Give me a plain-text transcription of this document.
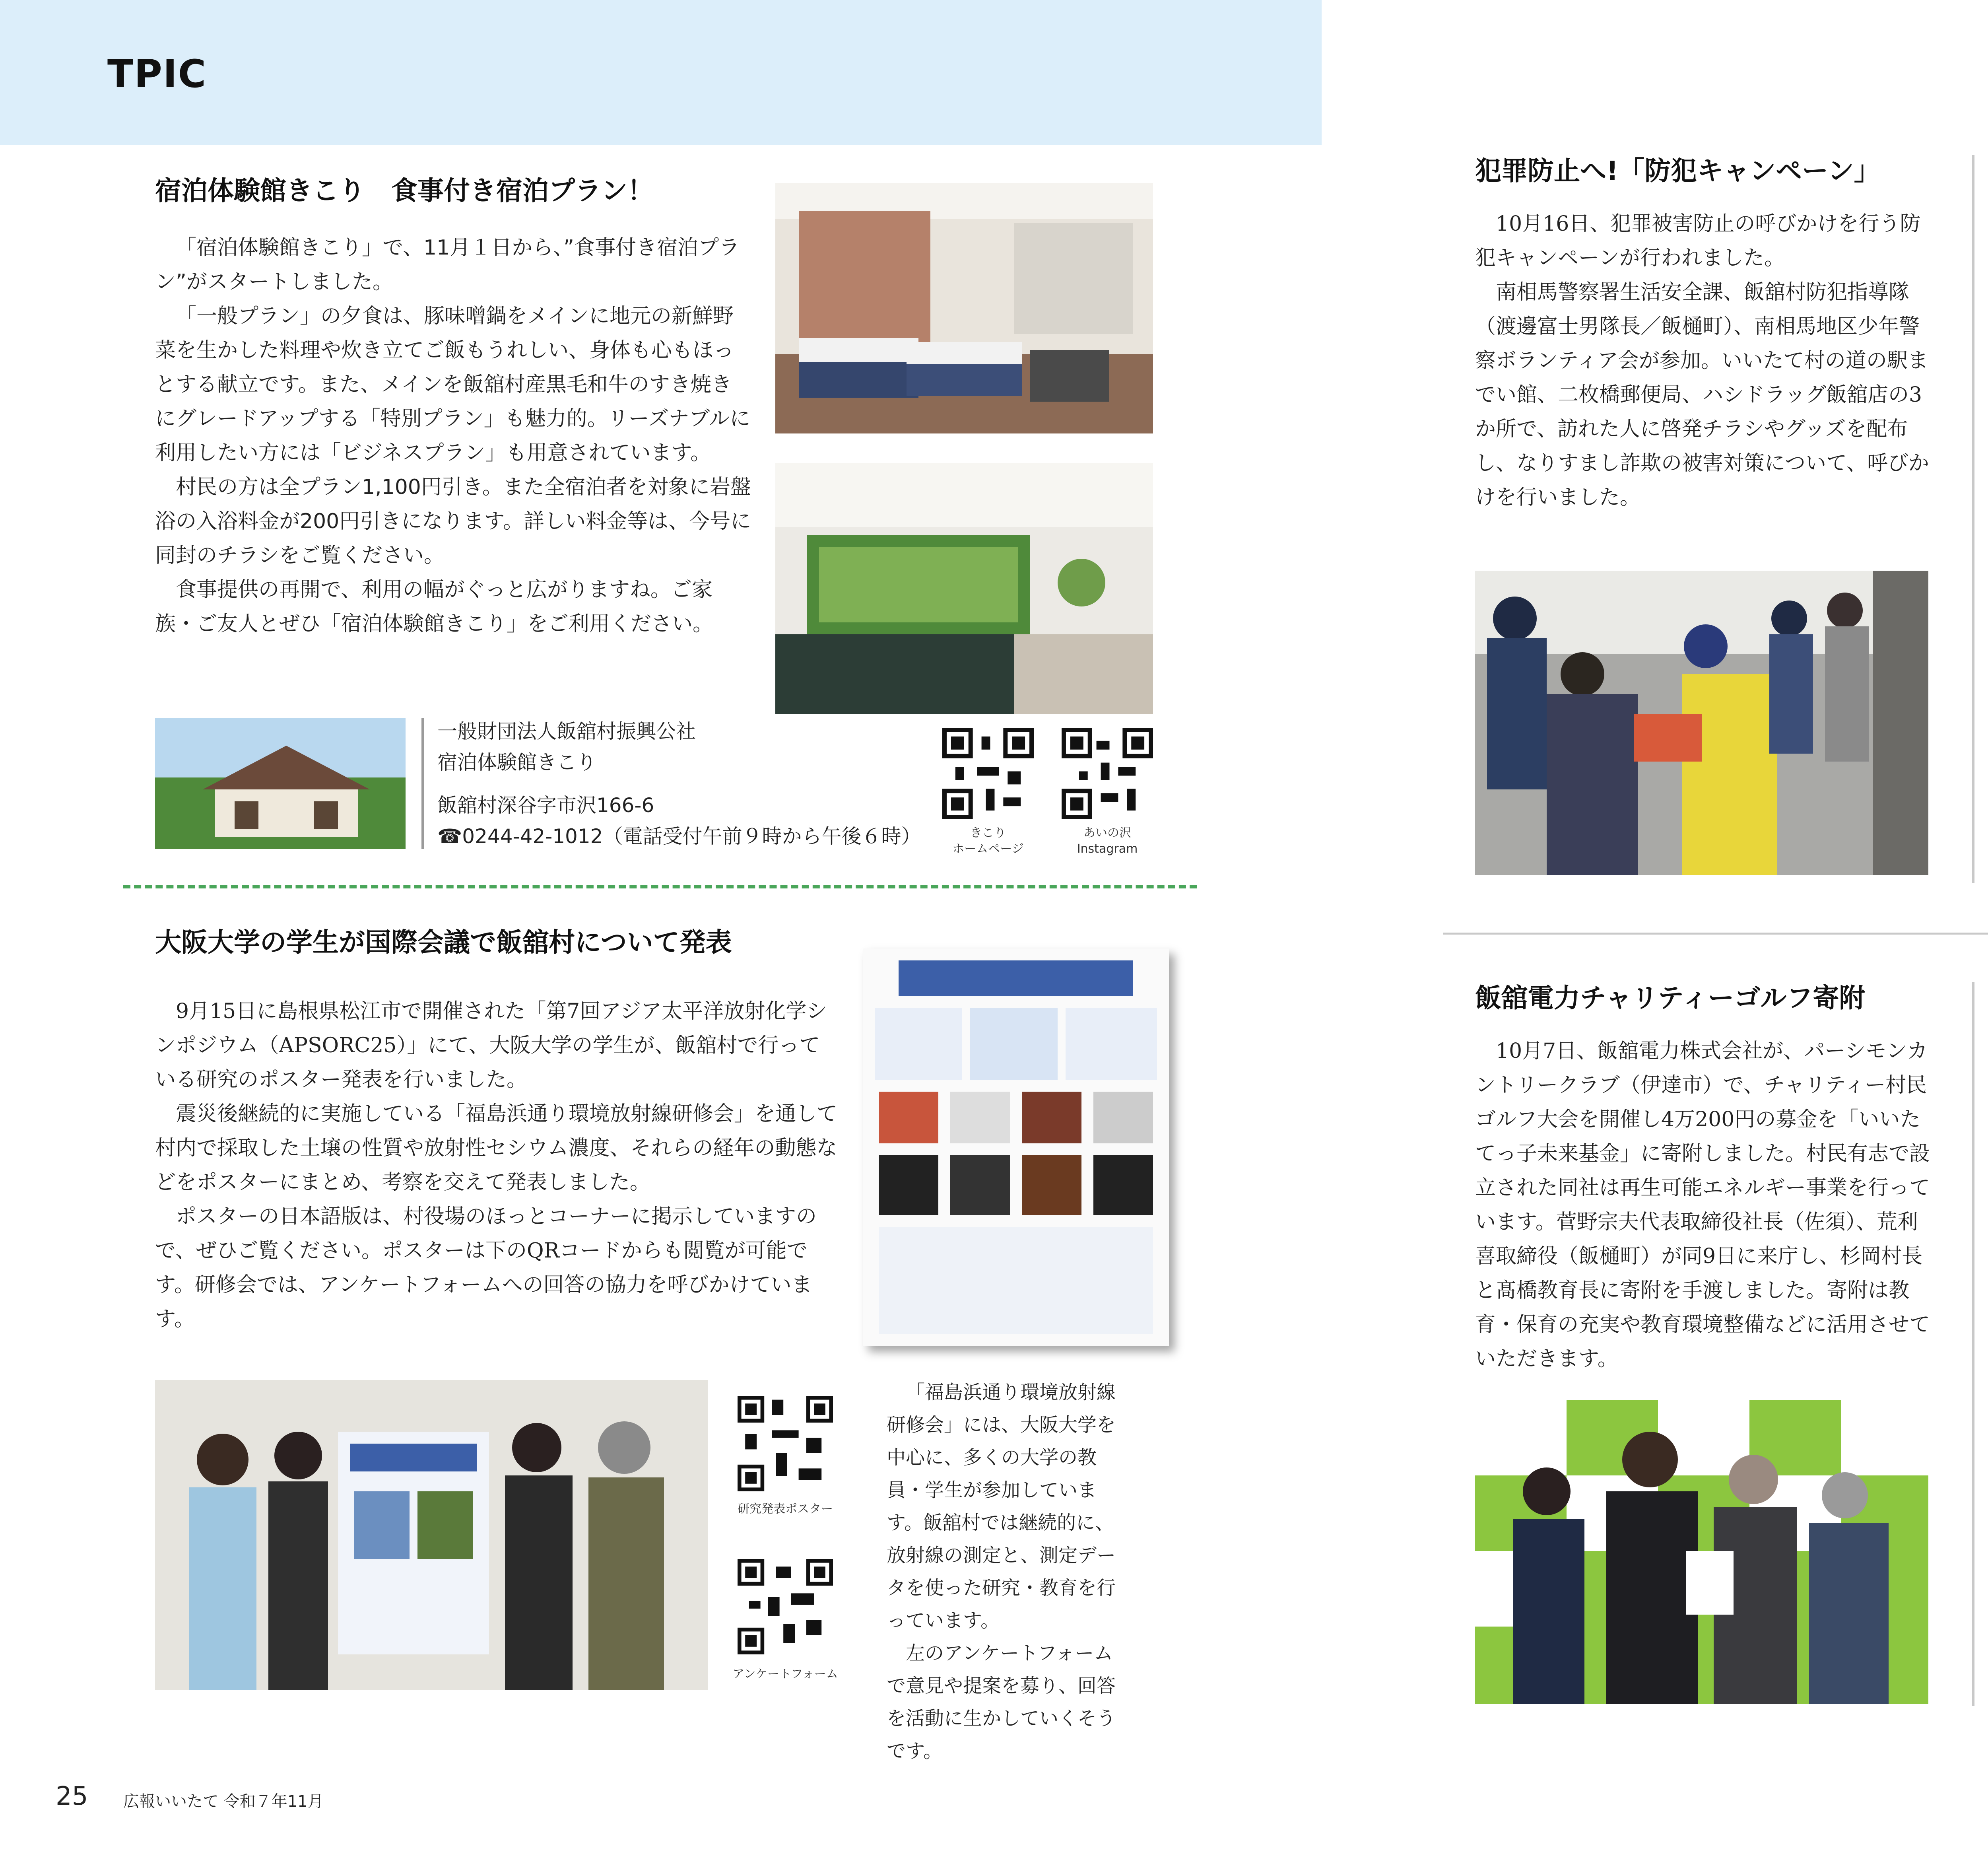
TPIC
宿泊体験館きこり　食事付き宿泊プラン！

「宿泊体験館きこり」で、11月１日から、”食事付き宿泊プラン”がスタートしました。

「一般プラン」の夕食は、豚味噌鍋をメインに地元の新鮮野菜を生かした料理や炊き立てご飯もうれしい、身体も心もほっとする献立です。また、メインを飯舘村産黒毛和牛のすき焼きにグレードアップする「特別プラン」も魅力的。リーズナブルに利用したい方には「ビジネスプラン」も用意されています。

村民の方は全プラン1,100円引き。また全宿泊者を対象に岩盤浴の入浴料金が200円引きになります。詳しい料金等は、今号に同封のチラシをご覧ください。

食事提供の再開で、利用の幅がぐっと広がりますね。ご家族・ご友人とぜひ「宿泊体験館きこり」をご利用ください。

一般財団法人飯舘村振興公社
宿泊体験館きこり
飯舘村深谷字市沢166-6
☎0244-42-1012（電話受付午前９時から午後６時）	きこり
ホームページ
あいの沢
Instagram
大阪大学の学生が国際会議で飯舘村について発表

9月15日に島根県松江市で開催された「第7回アジア太平洋放射化学シンポジウム（APSORC25）」にて、大阪大学の学生が、飯舘村で行っている研究のポスター発表を行いました。

震災後継続的に実施している「福島浜通り環境放射線研修会」を通して村内で採取した土壌の性質や放射性セシウム濃度、それらの経年の動態などをポスターにまとめ、考察を交えて発表しました。

ポスターの日本語版は、村役場のほっとコーナーに掲示していますので、ぜひご覧ください。ポスターは下のQRコードからも閲覧が可能です。研修会では、アンケートフォームへの回答の協力を呼びかけています。

研究発表ポスター
アンケートフォーム

「福島浜通り環境放射線研修会」には、大阪大学を中心に、多くの大学の教員・学生が参加しています。飯舘村では継続的に、放射線の測定と、測定データを使った研究・教育を行っています。

左のアンケートフォームで意見や提案を募り、回答を活動に生かしていくそうです。

25 広報いいたて 令和７年11月
犯罪防止へ!「防犯キャンペーン」

10月16日、犯罪被害防止の呼びかけを行う防犯キャンペーンが行われました。

南相馬警察署生活安全課、飯舘村防犯指導隊（渡邊富士男隊長／飯樋町）、南相馬地区少年警察ボランティア会が参加。いいたて村の道の駅までい館、二枚橋郵便局、ハシドラッグ飯舘店の3か所で、訪れた人に啓発チラシやグッズを配布し、なりすまし詐欺の被害対策について、呼びかけを行いました。

飯舘電力チャリティーゴルフ寄附

10月7日、飯舘電力株式会社が、パーシモンカントリークラブ（伊達市）で、チャリティー村民ゴルフ大会を開催し4万200円の募金を「いいたてっ子未来基金」に寄附しました。村民有志で設立された同社は再生可能エネルギー事業を行っています。菅野宗夫代表取締役社長（佐須）、荒利喜取締役（飯樋町）が同9日に来庁し、杉岡村長と髙橋教育長に寄附を手渡しました。寄附は教育・保育の充実や教育環境整備などに活用させていただきます。
